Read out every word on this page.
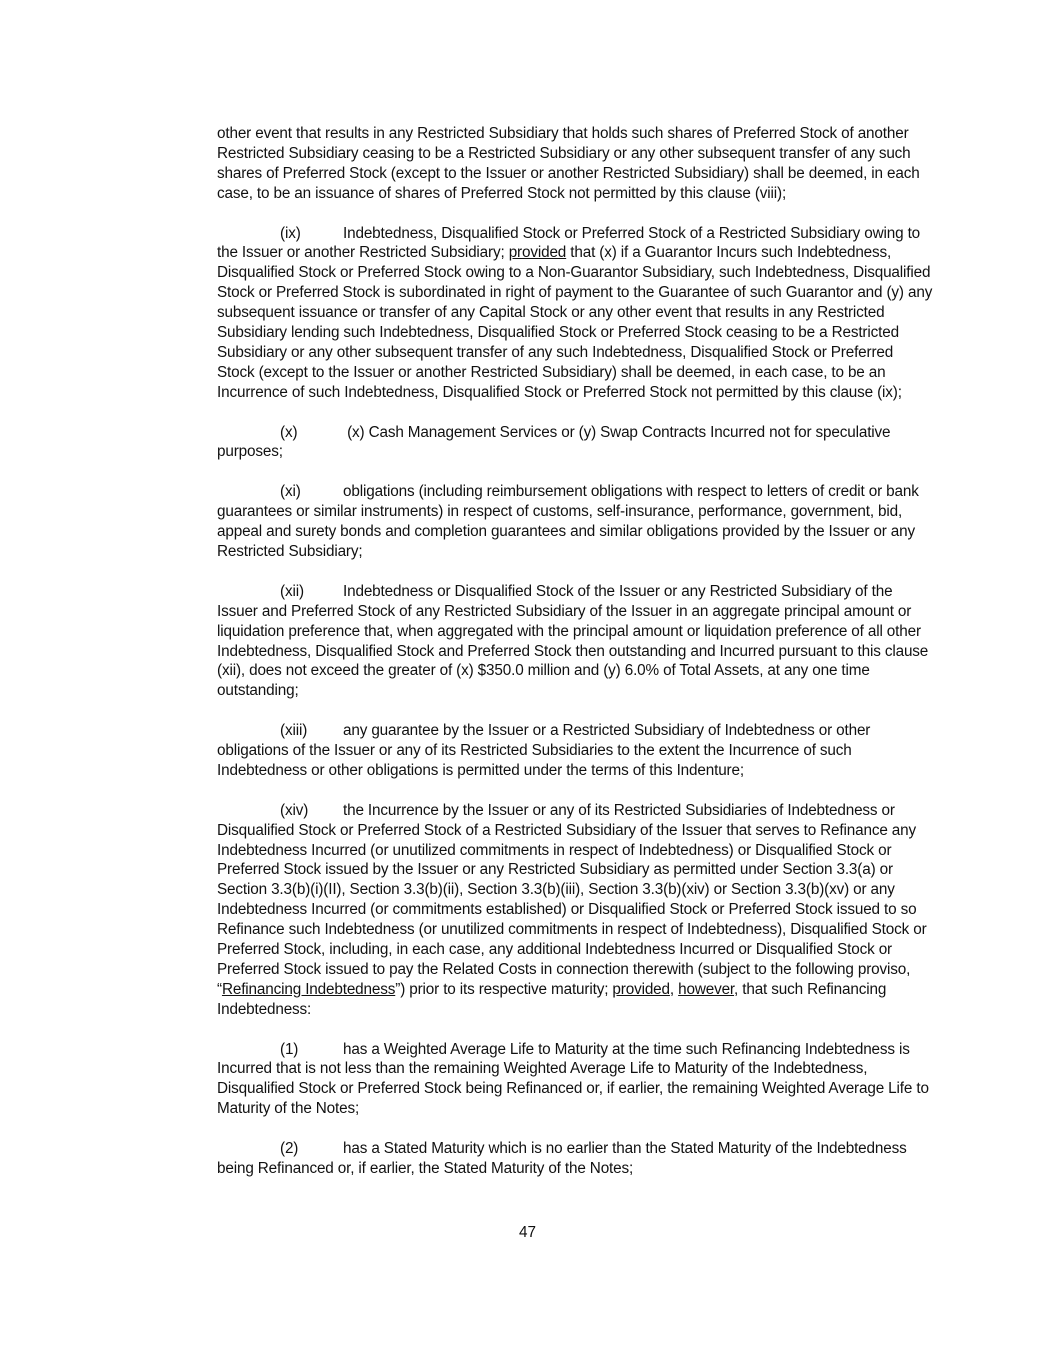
other event that results in any Restricted Subsidiary that holds such shares of Preferred Stock of another Restricted Subsidiary ceasing to be a Restricted Subsidiary or any other subsequent transfer of any such shares of Preferred Stock (except to the Issuer or another Restricted Subsidiary) shall be deemed, in each case, to be an issuance of shares of Preferred Stock not permitted by this clause (viii);

(ix)	Indebtedness, Disqualified Stock or Preferred Stock of a Restricted Subsidiary owing to the Issuer or another Restricted Subsidiary; provided that (x) if a Guarantor Incurs such Indebtedness, Disqualified Stock or Preferred Stock owing to a Non-Guarantor Subsidiary, such Indebtedness, Disqualified Stock or Preferred Stock is subordinated in right of payment to the Guarantee of such Guarantor and (y) any subsequent issuance or transfer of any Capital Stock or any other event that results in any Restricted Subsidiary lending such Indebtedness, Disqualified Stock or Preferred Stock ceasing to be a Restricted Subsidiary or any other subsequent transfer of any such Indebtedness, Disqualified Stock or Preferred Stock (except to the Issuer or another Restricted Subsidiary) shall be deemed, in each case, to be an Incurrence of such Indebtedness, Disqualified Stock or Preferred Stock not permitted by this clause (ix);

(x)	(x) Cash Management Services or (y) Swap Contracts Incurred not for speculative purposes;

(xi)	obligations (including reimbursement obligations with respect to letters of credit or bank guarantees or similar instruments) in respect of customs, self-insurance, performance, government, bid, appeal and surety bonds and completion guarantees and similar obligations provided by the Issuer or any Restricted Subsidiary;

(xii)	Indebtedness or Disqualified Stock of the Issuer or any Restricted Subsidiary of the Issuer and Preferred Stock of any Restricted Subsidiary of the Issuer in an aggregate principal amount or liquidation preference that, when aggregated with the principal amount or liquidation preference of all other Indebtedness, Disqualified Stock and Preferred Stock then outstanding and Incurred pursuant to this clause (xii), does not exceed the greater of (x) $350.0 million and (y) 6.0% of Total Assets, at any one time outstanding;

(xiii) any guarantee by the Issuer or a Restricted Subsidiary of Indebtedness or other obligations of the Issuer or any of its Restricted Subsidiaries to the extent the Incurrence of such Indebtedness or other obligations is permitted under the terms of this Indenture;

(xiv) the Incurrence by the Issuer or any of its Restricted Subsidiaries of Indebtedness or Disqualified Stock or Preferred Stock of a Restricted Subsidiary of the Issuer that serves to Refinance any Indebtedness Incurred (or unutilized commitments in respect of Indebtedness) or Disqualified Stock or Preferred Stock issued by the Issuer or any Restricted Subsidiary as permitted under Section 3.3(a) or Section 3.3(b)(i)(II), Section 3.3(b)(ii), Section 3.3(b)(iii), Section 3.3(b)(xiv) or Section 3.3(b)(xv) or any Indebtedness Incurred (or commitments established) or Disqualified Stock or Preferred Stock issued to so Refinance such Indebtedness (or unutilized commitments in respect of Indebtedness), Disqualified Stock or Preferred Stock, including, in each case, any additional Indebtedness Incurred or Disqualified Stock or Preferred Stock issued to pay the Related Costs in connection therewith (subject to the following proviso, “Refinancing Indebtedness”) prior to its respective maturity; provided, however, that such Refinancing Indebtedness:

(1)	has a Weighted Average Life to Maturity at the time such Refinancing Indebtedness is Incurred that is not less than the remaining Weighted Average Life to Maturity of the Indebtedness, Disqualified Stock or Preferred Stock being Refinanced or, if earlier, the remaining Weighted Average Life to Maturity of the Notes;

(2)	has a Stated Maturity which is no earlier than the Stated Maturity of the Indebtedness being Refinanced or, if earlier, the Stated Maturity of the Notes;

47
